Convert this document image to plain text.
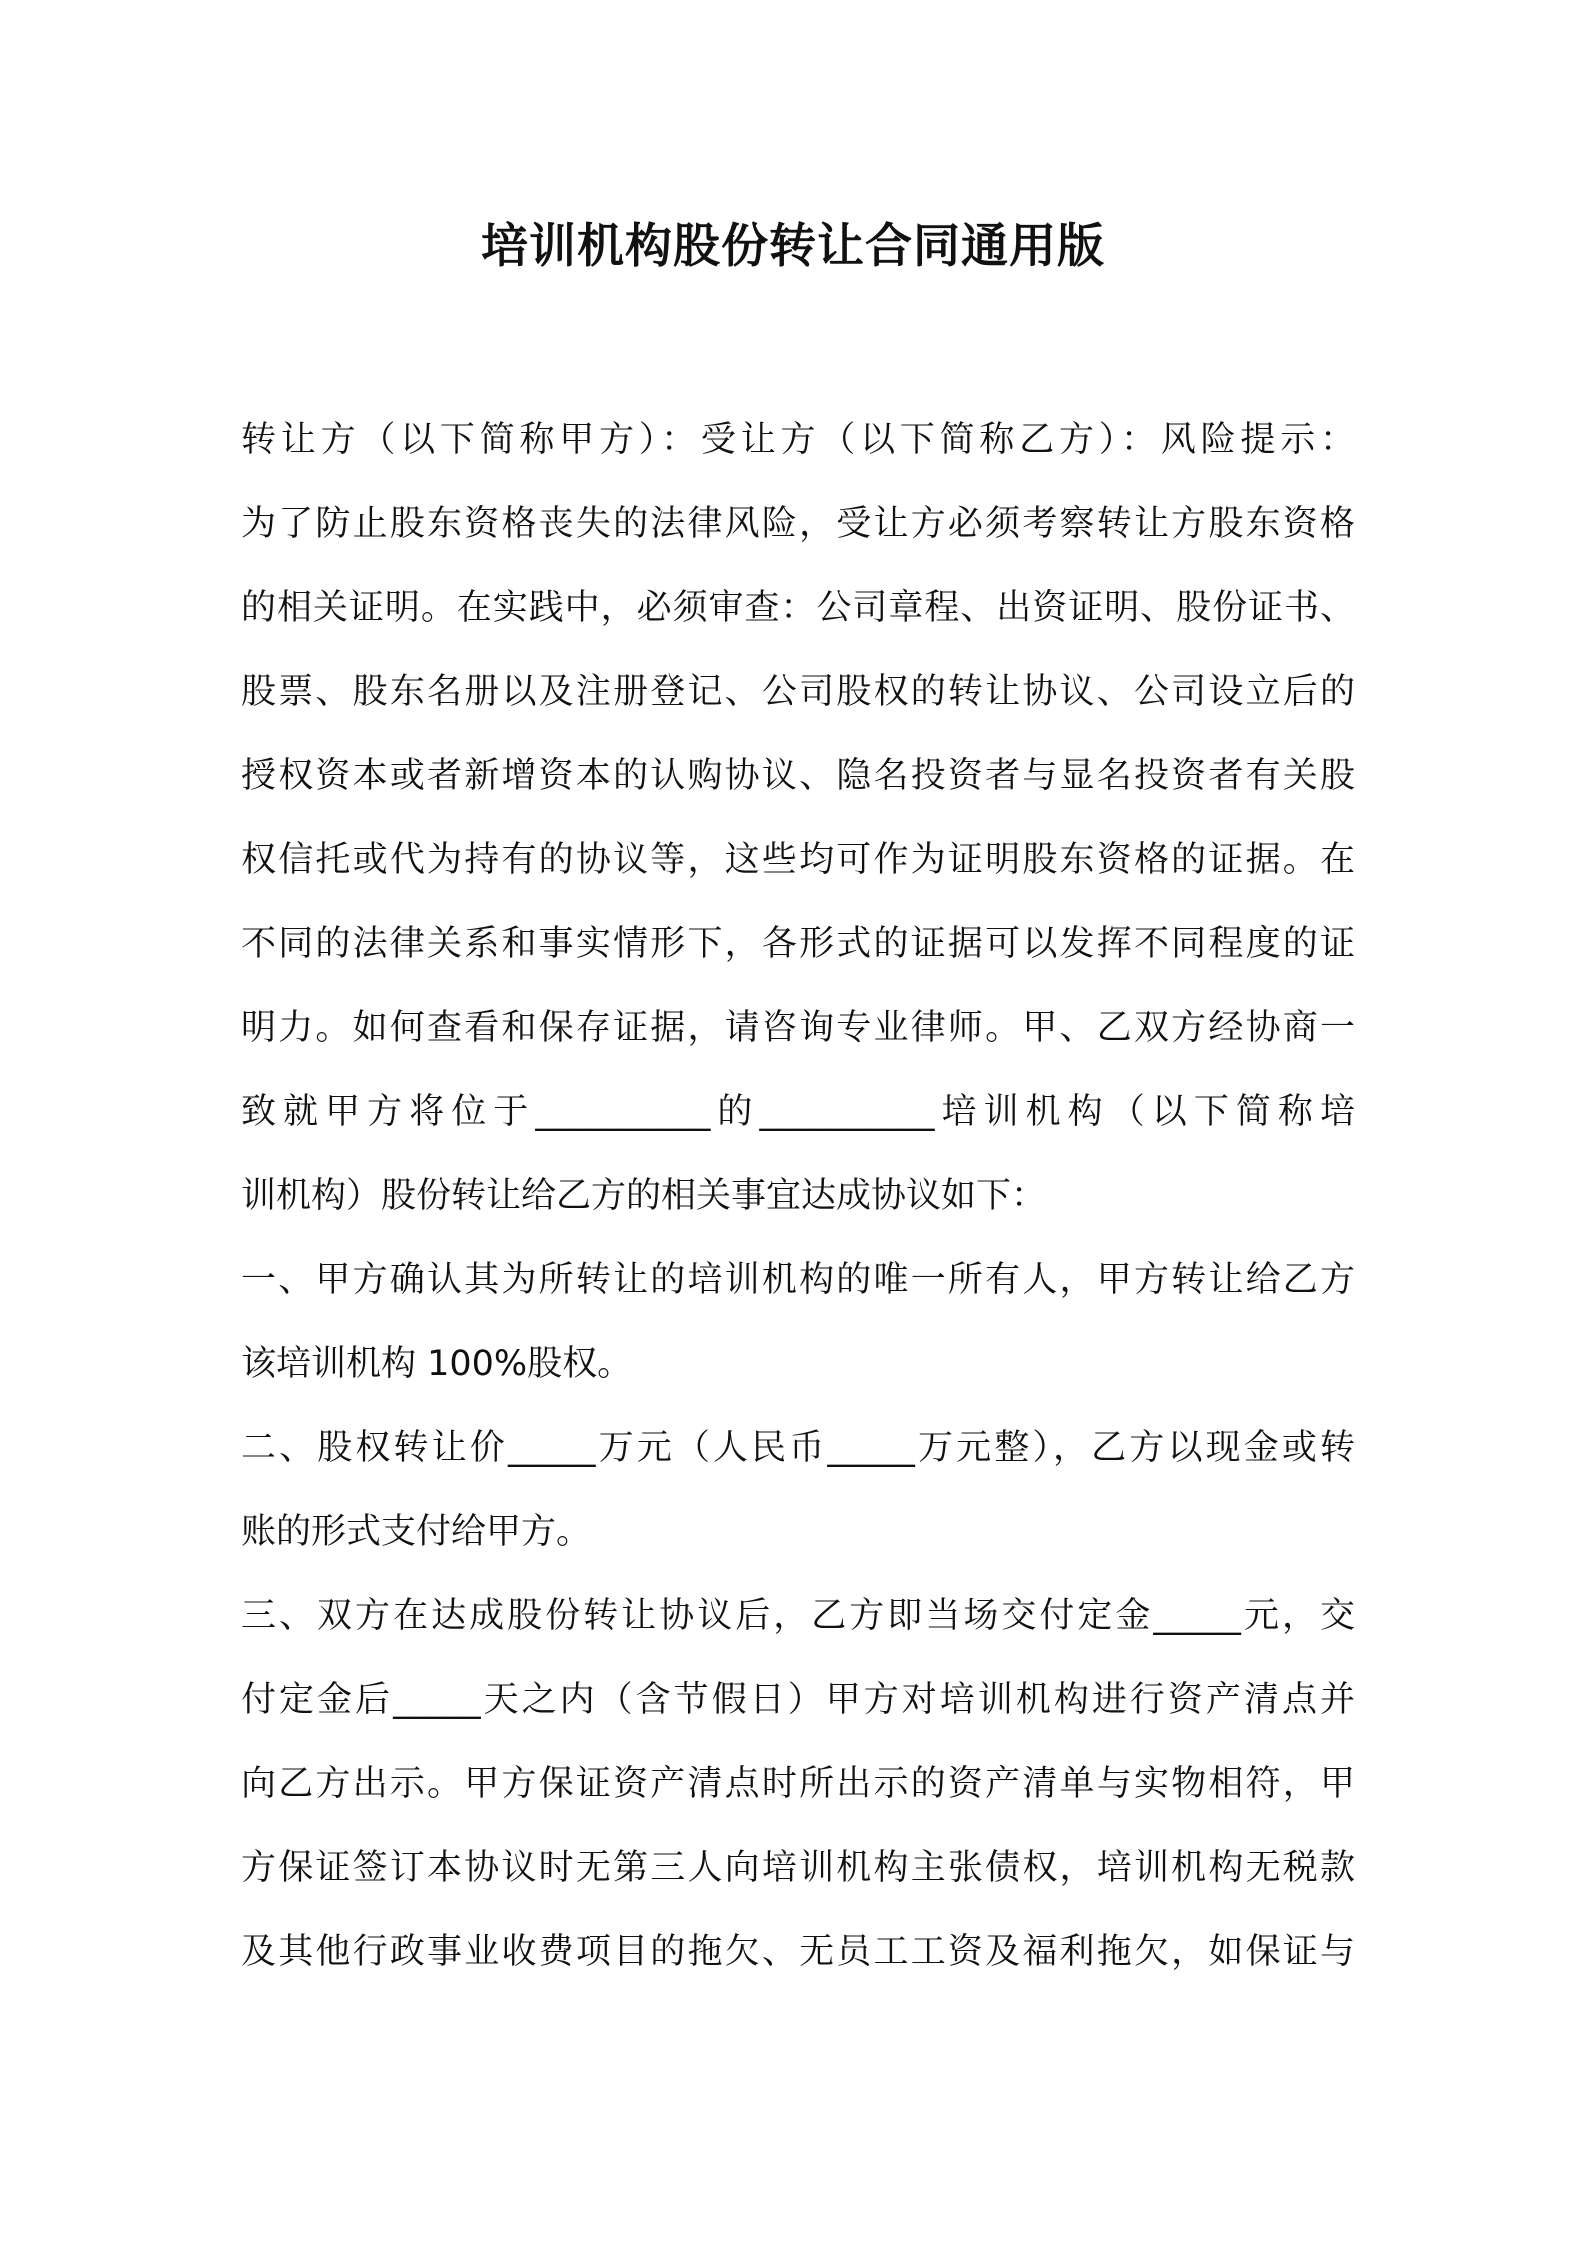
培训机构股份转让合同通用版
转让方（以下简称甲方）：受让方（以下简称乙方）：风险提示：
为了防止股东资格丧失的法律风险，受让方必须考察转让方股东资格
的相关证明。在实践中，必须审查：公司章程、出资证明、股份证书、
股票、股东名册以及注册登记、公司股权的转让协议、公司设立后的
授权资本或者新增资本的认购协议、隐名投资者与显名投资者有关股
权信托或代为持有的协议等，这些均可作为证明股东资格的证据。在
不同的法律关系和事实情形下，各形式的证据可以发挥不同程度的证
明力。如何查看和保存证据，请咨询专业律师。甲、乙双方经协商一
致就甲方将位于__________的__________培训机构（以下简称培
训机构）股份转让给乙方的相关事宜达成协议如下：
一、甲方确认其为所转让的培训机构的唯一所有人，甲方转让给乙方
该培训机构 100%股权。
二、股权转让价_____万元（人民币_____万元整），乙方以现金或转
账的形式支付给甲方。
三、双方在达成股份转让协议后，乙方即当场交付定金_____元，交
付定金后_____天之内（含节假日）甲方对培训机构进行资产清点并
向乙方出示。甲方保证资产清点时所出示的资产清单与实物相符，甲
方保证签订本协议时无第三人向培训机构主张债权，培训机构无税款
及其他行政事业收费项目的拖欠、无员工工资及福利拖欠，如保证与
